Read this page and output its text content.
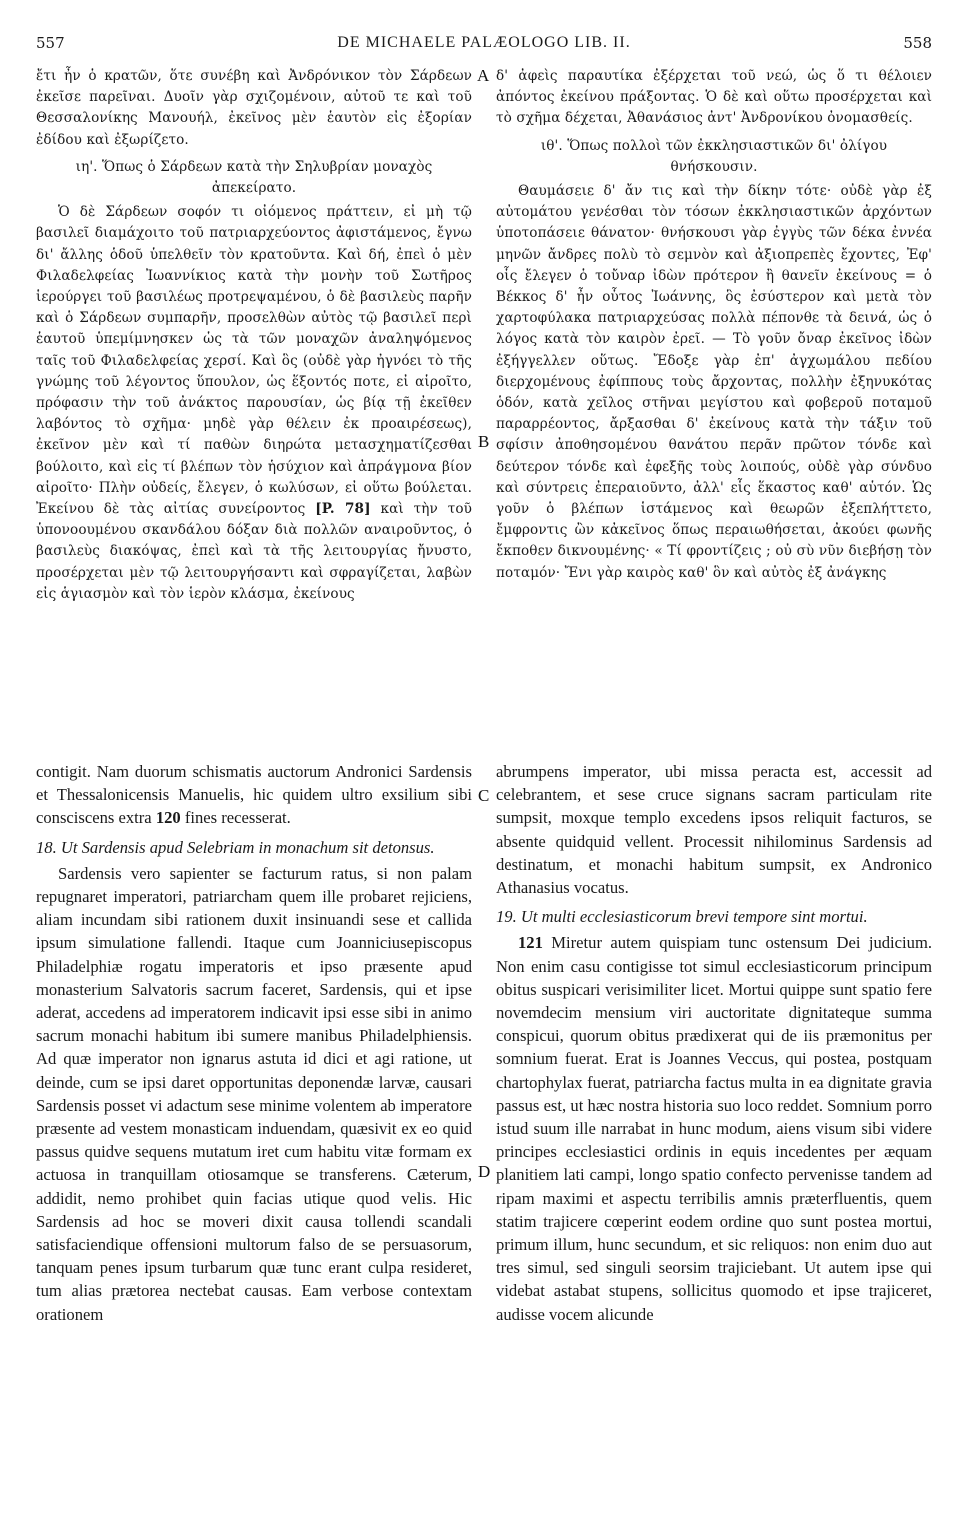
557	DE MICHAELE PALÆOLOGO LIB. II.	558

ἔτι ἦν ὁ κρατῶν, ὅτε συνέβη καὶ Ἀνδρόνικον τὸν Σάρδεων ἐκεῖσε παρεῖναι. Δυοῖν γὰρ σχιζομένοιν, αὐτοῦ τε καὶ τοῦ Θεσσαλονίκης Μανουήλ, ἐκεῖνος μὲν ἑαυτὸν εἰς ἐξορίαν ἐδίδου καὶ ἐξωρίζετο.

ιη'. Ὅπως ὁ Σάρδεων κατὰ τὴν Σηλυβρίαν μοναχὸς ἀπεκείρατο.

Ὁ δὲ Σάρδεων σοφόν τι οἰόμενος πράττειν, εἰ μὴ τῷ βασιλεῖ διαμάχοιτο τοῦ πατριαρχεύοντος ἀφιστάμενος, ἔγνω δι' ἄλλης ὁδοῦ ὑπελθεῖν τὸν κρατοῦντα. Καὶ δή, ἐπεὶ ὁ μὲν Φιλαδελφείας Ἰωαννίκιος κατὰ τὴν μονὴν τοῦ Σωτῆρος ἱερούργει τοῦ βασιλέως προτρεψαμένου, ὁ δὲ βασιλεὺς παρῆν καὶ ὁ Σάρδεων συμπαρῆν, προσελθὼν αὐτὸς τῷ βασιλεῖ περὶ ἑαυτοῦ ὑπεμίμνησκεν ὡς τὰ τῶν μοναχῶν ἀναληψόμενος ταῖς τοῦ Φιλαδελφείας χερσί. Καὶ ὃς (οὐδὲ γὰρ ἠγνόει τὸ τῆς γνώμης τοῦ λέγοντος ὕπουλον, ὡς ἕξοντός ποτε, εἰ αἱροῖτο, πρόφασιν τὴν τοῦ ἀνάκτος παρουσίαν, ὡς βίᾳ τῇ ἐκεῖθεν λαβόντος τὸ σχῆμα· μηδὲ γὰρ θέλειν ἐκ προαιρέσεως), ἐκεῖνον μὲν καὶ τί παθὼν διηρώτα μετασχηματίζεσθαι βούλοιτο, καὶ εἰς τί βλέπων τὸν ἡσύχιον καὶ ἀπράγμονα βίον αἱροῖτο· Πλὴν οὐδείς, ἔλεγεν, ὁ κωλύσων, εἰ οὕτω βούλεται. Ἐκείνου δὲ τὰς αἰτίας συνείροντος [P. 78] καὶ τὴν τοῦ ὑπονοουμένου σκανδάλου δόξαν διὰ πολλῶν αναιροῦντος, ὁ βασιλεὺς διακόψας, ἐπεὶ καὶ τὰ τῆς λειτουργίας ἤνυστο, προσέρχεται μὲν τῷ λειτουργήσαντι καὶ σφραγίζεται, λαβὼν εἰς ἁγιασμὸν καὶ τὸν ἱερὸν κλάσμα, ἐκείνους

δ' ἀφεὶς παραυτίκα ἐξέρχεται τοῦ νεώ, ὡς ὅ τι θέλοιεν ἀπόντος ἐκείνου πράξοντας. Ὁ δὲ καὶ οὕτω προσέρχεται καὶ τὸ σχῆμα δέχεται, Ἀθανάσιος ἀντ' Ἀνδρονίκου ὀνομασθείς.

ιθ'. Ὅπως πολλοὶ τῶν ἐκκλησιαστικῶν δι' ὀλίγου θνήσκουσιν.

Θαυμάσειε δ' ἄν τις καὶ τὴν δίκην τότε· οὐδὲ γὰρ ἐξ αὐτομάτου γενέσθαι τὸν τόσων ἐκκλησιαστικῶν ἀρχόντων ὑποτοπάσειε θάνατον· θνήσκουσι γὰρ ἐγγὺς τῶν δέκα ἐννέα μηνῶν ἄνδρες πολὺ τὸ σεμνὸν καὶ ἀξιοπρεπὲς ἔχοντες, Ἐφ' οἷς ἔλεγεν ὁ τοὔναρ ἰδὼν πρότερον ἢ θανεῖν ἐκείνους = ὁ Βέκκος δ' ἦν οὗτος Ἰωάννης, ὃς ἐσύστερον καὶ μετὰ τὸν χαρτοφύλακα πατριαρχεύσας πολλὰ πέπονθε τὰ δεινά, ὡς ὁ λόγος κατὰ τὸν καιρὸν ἐρεῖ. — Τὸ γοῦν ὄναρ ἐκεῖνος ἰδὼν ἐξήγγελλεν οὕτως. Ἔδοξε γὰρ ἐπ' ἀγχωμάλου πεδίου διερχομένους ἐφίππους τοὺς ἄρχοντας, πολλὴν ἐξηνυκότας ὁδόν, κατὰ χεῖλος στῆναι μεγίστου καὶ φοβεροῦ ποταμοῦ παραρρέοντος, ἄρξασθαι δ' ἐκείνους κατὰ τὴν τάξιν τοῦ σφίσιν ἀποθησομένου θανάτου περᾶν πρῶτον τόνδε καὶ δεύτερον τόνδε καὶ ἐφεξῆς τοὺς λοιπούς, οὐδὲ γὰρ σύνδυο καὶ σύντρεις ἐπεραιοῦντο, ἀλλ' εἷς ἕκαστος καθ' αὑτόν. Ὡς γοῦν ὁ βλέπων ἱστάμενος καὶ θεωρῶν ἐξεπλήττετο, ἔμφροντις ὢν κἀκεῖνος ὅπως περαιωθήσεται, ἀκούει φωνῆς ἔκποθεν δικνουμένης· « Τί φροντίζεις ; οὐ σὺ νῦν διεβήσῃ τὸν ποταμόν· Ἔνι γὰρ καιρὸς καθ' ὃν καὶ αὐτὸς ἐξ ἀνάγκης

contigit. Nam duorum schismatis auctorum Andronici Sardensis et Thessalonicensis Manuelis, hic quidem ultro exsilium sibi consciscens extra 120 fines recesserat.

18. Ut Sardensis apud Selebriam in monachum sit detonsus.

Sardensis vero sapienter se facturum ratus, si non palam repugnaret imperatori, patriarcham quem ille probaret rejiciens, aliam incundam sibi rationem duxit insinuandi sese et callida ipsum simulatione fallendi. Itaque cum Joanniciusepiscopus Philadelphiæ rogatu imperatoris et ipso præsente apud monasterium Salvatoris sacrum faceret, Sardensis, qui et ipse aderat, accedens ad imperatorem indicavit ipsi esse sibi in animo sacrum monachi habitum ibi sumere manibus Philadelphiensis. Ad quæ imperator non ignarus astuta id dici et agi ratione, ut deinde, cum se ipsi daret opportunitas deponendæ larvæ, causari Sardensis posset vi adactum sese minime volentem ab imperatore præsente ad vestem monasticam induendam, quæsivit ex eo quid passus quidve sequens mutatum iret cum habitu vitæ formam ex actuosa in tranquillam otiosamque se transferens. Cæterum, addidit, nemo prohibet quin facias utique quod velis. Hic Sardensis ad hoc se moveri dixit causa tollendi scandali satisfaciendique offensioni multorum falso de se persuasorum, tanquam penes ipsum turbarum quæ tunc erant culpa resideret, tum alias prætorea nectebat causas. Eam verbose contextam orationem

abrumpens imperator, ubi missa peracta est, accessit ad celebrantem, et sese cruce signans sacram particulam rite sumpsit, moxque templo excedens ipsos reliquit facturos, se absente quidquid vellent. Processit nihilominus Sardensis ad destinatum, et monachi habitum sumpsit, ex Andronico Athanasius vocatus.

19. Ut multi ecclesiasticorum brevi tempore sint mortui.

121 Miretur autem quispiam tunc ostensum Dei judicium. Non enim casu contigisse tot simul ecclesiasticorum principum obitus suspicari verisimiliter licet. Mortui quippe sunt spatio fere novemdecim mensium viri auctoritate dignitateque summa conspicui, quorum obitus prædixerat qui de iis præmonitus per somnium fuerat. Erat is Joannes Veccus, qui postea, postquam chartophylax fuerat, patriarcha factus multa in ea dignitate gravia passus est, ut hæc nostra historia suo loco reddet. Somnium porro istud suum ille narrabat in hunc modum, aiens visum sibi videre principes ecclesiastici ordinis in equis incedentes per æquam planitiem lati campi, longo spatio confecto pervenisse tandem ad ripam maximi et aspectu terribilis amnis præterfluentis, quem statim trajicere cœperint eodem ordine quo sunt postea mortui, primum illum, hunc secundum, et sic reliquos: non enim duo aut tres simul, sed singuli seorsim trajiciebant. Ut autem ipse qui videbat astabat stupens, sollicitus quomodo et ipse trajiceret, audisse vocem alicunde

A
B
C
D
